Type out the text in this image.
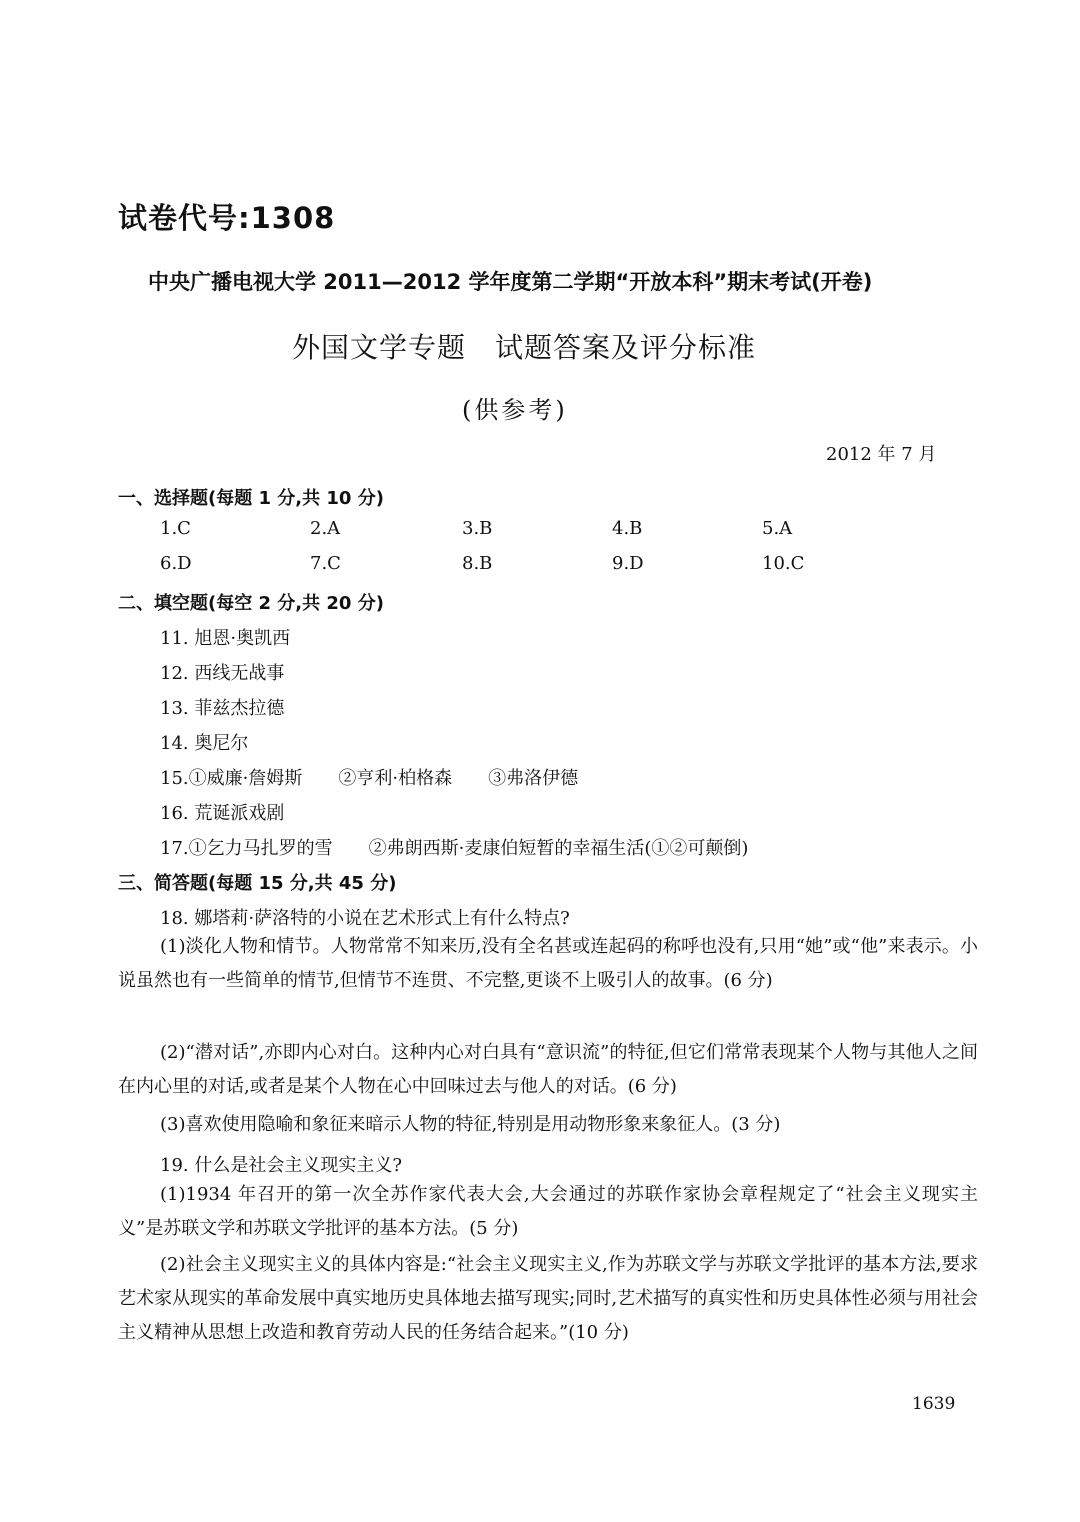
试卷代号:1308
中央广播电视大学 2011—2012 学年度第二学期“开放本科”期末考试(开卷)
外国文学专题　试题答案及评分标准
(供参考)
2012 年 7 月
一、选择题(每题 1 分,共 10 分)
1.C	2.A	3.B	4.B	5.A
6.D	7.C	8.B	9.D	10.C
二、填空题(每空 2 分,共 20 分)
11. 旭恩·奥凯西
12. 西线无战事
13. 菲兹杰拉德
14. 奥尼尔
15.①威廉·詹姆斯　　②亨利·柏格森　　③弗洛伊德
16. 荒诞派戏剧
17.①乞力马扎罗的雪　　②弗朗西斯·麦康伯短暂的幸福生活(①②可颠倒)
三、简答题(每题 15 分,共 45 分)
18. 娜塔莉·萨洛特的小说在艺术形式上有什么特点?
(1)淡化人物和情节。人物常常不知来历,没有全名甚或连起码的称呼也没有,只用“她”或“他”来表示。小说虽然也有一些简单的情节,但情节不连贯、不完整,更谈不上吸引人的故事。(6 分)
(2)“潜对话”,亦即内心对白。这种内心对白具有“意识流”的特征,但它们常常表现某个人物与其他人之间在内心里的对话,或者是某个人物在心中回味过去与他人的对话。(6 分)
(3)喜欢使用隐喻和象征来暗示人物的特征,特别是用动物形象来象征人。(3 分)
19. 什么是社会主义现实主义?
(1)1934 年召开的第一次全苏作家代表大会,大会通过的苏联作家协会章程规定了“社会主义现实主义”是苏联文学和苏联文学批评的基本方法。(5 分)
(2)社会主义现实主义的具体内容是:“社会主义现实主义,作为苏联文学与苏联文学批评的基本方法,要求艺术家从现实的革命发展中真实地历史具体地去描写现实;同时,艺术描写的真实性和历史具体性必须与用社会主义精神从思想上改造和教育劳动人民的任务结合起来。”(10 分)
1639
